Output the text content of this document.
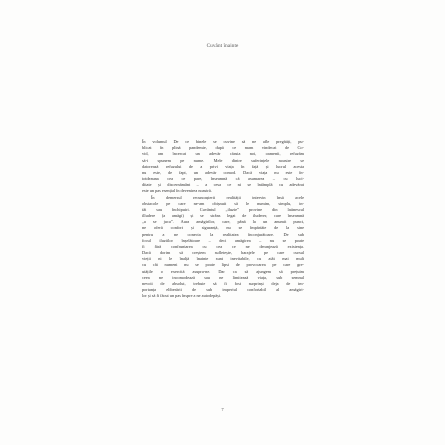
Cuvânt înainte
În volumul De ce binele se cuvine să ne afle pregătiți, pu-
blicat în plină pandemie, după ce mam vindecat de Co-
vid, am încercat un adevăr căruia noi, oamenii, refuzăm
să-i spunem pe nume. Mele dintre suferințele noastre se
datorează refuzului de a privi viața în față și lucrul acesta
nu este, de fapt, un adevăr comod. Dacă viața nu este în-
totdeauna cea ce pare, înseamnă că asumarea – cu luci-
ditate și discernământ – a cesa ce ni se întâmplă cu adevărat
este un pas esențial în devenirea noastră.
În demersul recunoașterii realității intervin însă acele
obstacole pe care ne-am obișnuit să le numim, simplu, in-
tâi sau închipuiri. Cuvântul „iluzie” provine din latinescul
illudere (a amăgi) și se strâns legat de iluderer, care înseamnă
„a se juca”. Aura amăgirilor, care, până la un anumit punct,
ne oferă confort și siguranță, nu se împărtăie de la sine
pentru a ne conecta la realitatea înconjurătoare. De sub
focul iluziilor înșelătoare – deci amăgirea – nu se poate
fi fără confruntarea cu cea ce ne deranjează existența.
Dacă dorim să creștem sufletește, barajele pe care cursul
vieții ni le înalță înainte sunt inevitabile, cu atât mai mult
cu cât numeni nu se poate lipsi de provocarea pe care gre-
utățile o exercită asupra-ne. Dar ca să ajungem să prețuim
ceea ne incomodează sau ne limitează viața, sub semnul
nevoii de absolut, trebuie să fi fost surprinși deja de im-
portanța eliberării de sub imperiul confortabil al amăgiri-
lor și să fi făcut un pas înspre a ne autodepăși.
7
